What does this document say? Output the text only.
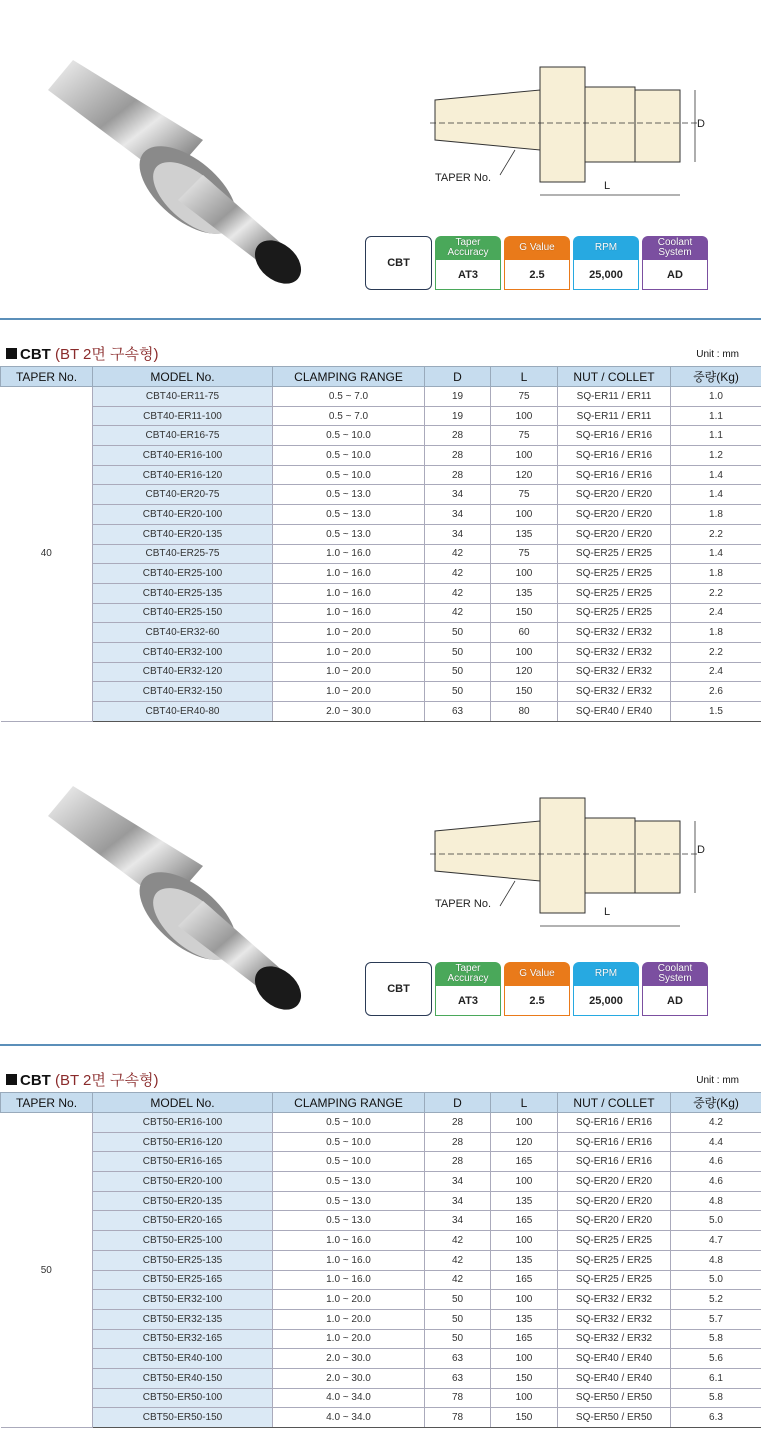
TAPER No.
D
L
CBT
Taper Accuracy
AT3
G Value
2.5
RPM
25,000
Coolant System
AD
CBT (BT 2면 구속형)	Unit : mm
TAPER No.	MODEL No.	CLAMPING RANGE	D	L	NUT / COLLET	중량(Kg)
40	CBT40-ER11-75	0.5 ~ 7.0	19	75	SQ-ER11 / ER11	1.0
	CBT40-ER11-100	0.5 ~ 7.0	19	100	SQ-ER11 / ER11	1.1
	CBT40-ER16-75	0.5 ~ 10.0	28	75	SQ-ER16 / ER16	1.1
	CBT40-ER16-100	0.5 ~ 10.0	28	100	SQ-ER16 / ER16	1.2
	CBT40-ER16-120	0.5 ~ 10.0	28	120	SQ-ER16 / ER16	1.4
	CBT40-ER20-75	0.5 ~ 13.0	34	75	SQ-ER20 / ER20	1.4
	CBT40-ER20-100	0.5 ~ 13.0	34	100	SQ-ER20 / ER20	1.8
	CBT40-ER20-135	0.5 ~ 13.0	34	135	SQ-ER20 / ER20	2.2
	CBT40-ER25-75	1.0 ~ 16.0	42	75	SQ-ER25 / ER25	1.4
	CBT40-ER25-100	1.0 ~ 16.0	42	100	SQ-ER25 / ER25	1.8
	CBT40-ER25-135	1.0 ~ 16.0	42	135	SQ-ER25 / ER25	2.2
	CBT40-ER25-150	1.0 ~ 16.0	42	150	SQ-ER25 / ER25	2.4
	CBT40-ER32-60	1.0 ~ 20.0	50	60	SQ-ER32 / ER32	1.8
	CBT40-ER32-100	1.0 ~ 20.0	50	100	SQ-ER32 / ER32	2.2
	CBT40-ER32-120	1.0 ~ 20.0	50	120	SQ-ER32 / ER32	2.4
	CBT40-ER32-150	1.0 ~ 20.0	50	150	SQ-ER32 / ER32	2.6
	CBT40-ER40-80	2.0 ~ 30.0	63	80	SQ-ER40 / ER40	1.5
TAPER No.
D
L
CBT
Taper Accuracy
AT3
G Value
2.5
RPM
25,000
Coolant System
AD
CBT (BT 2면 구속형)	Unit : mm
TAPER No.	MODEL No.	CLAMPING RANGE	D	L	NUT / COLLET	중량(Kg)
50	CBT50-ER16-100	0.5 ~ 10.0	28	100	SQ-ER16 / ER16	4.2
	CBT50-ER16-120	0.5 ~ 10.0	28	120	SQ-ER16 / ER16	4.4
	CBT50-ER16-165	0.5 ~ 10.0	28	165	SQ-ER16 / ER16	4.6
	CBT50-ER20-100	0.5 ~ 13.0	34	100	SQ-ER20 / ER20	4.6
	CBT50-ER20-135	0.5 ~ 13.0	34	135	SQ-ER20 / ER20	4.8
	CBT50-ER20-165	0.5 ~ 13.0	34	165	SQ-ER20 / ER20	5.0
	CBT50-ER25-100	1.0 ~ 16.0	42	100	SQ-ER25 / ER25	4.7
	CBT50-ER25-135	1.0 ~ 16.0	42	135	SQ-ER25 / ER25	4.8
	CBT50-ER25-165	1.0 ~ 16.0	42	165	SQ-ER25 / ER25	5.0
	CBT50-ER32-100	1.0 ~ 20.0	50	100	SQ-ER32 / ER32	5.2
	CBT50-ER32-135	1.0 ~ 20.0	50	135	SQ-ER32 / ER32	5.7
	CBT50-ER32-165	1.0 ~ 20.0	50	165	SQ-ER32 / ER32	5.8
	CBT50-ER40-100	2.0 ~ 30.0	63	100	SQ-ER40 / ER40	5.6
	CBT50-ER40-150	2.0 ~ 30.0	63	150	SQ-ER40 / ER40	6.1
	CBT50-ER50-100	4.0 ~ 34.0	78	100	SQ-ER50 / ER50	5.8
	CBT50-ER50-150	4.0 ~ 34.0	78	150	SQ-ER50 / ER50	6.3
